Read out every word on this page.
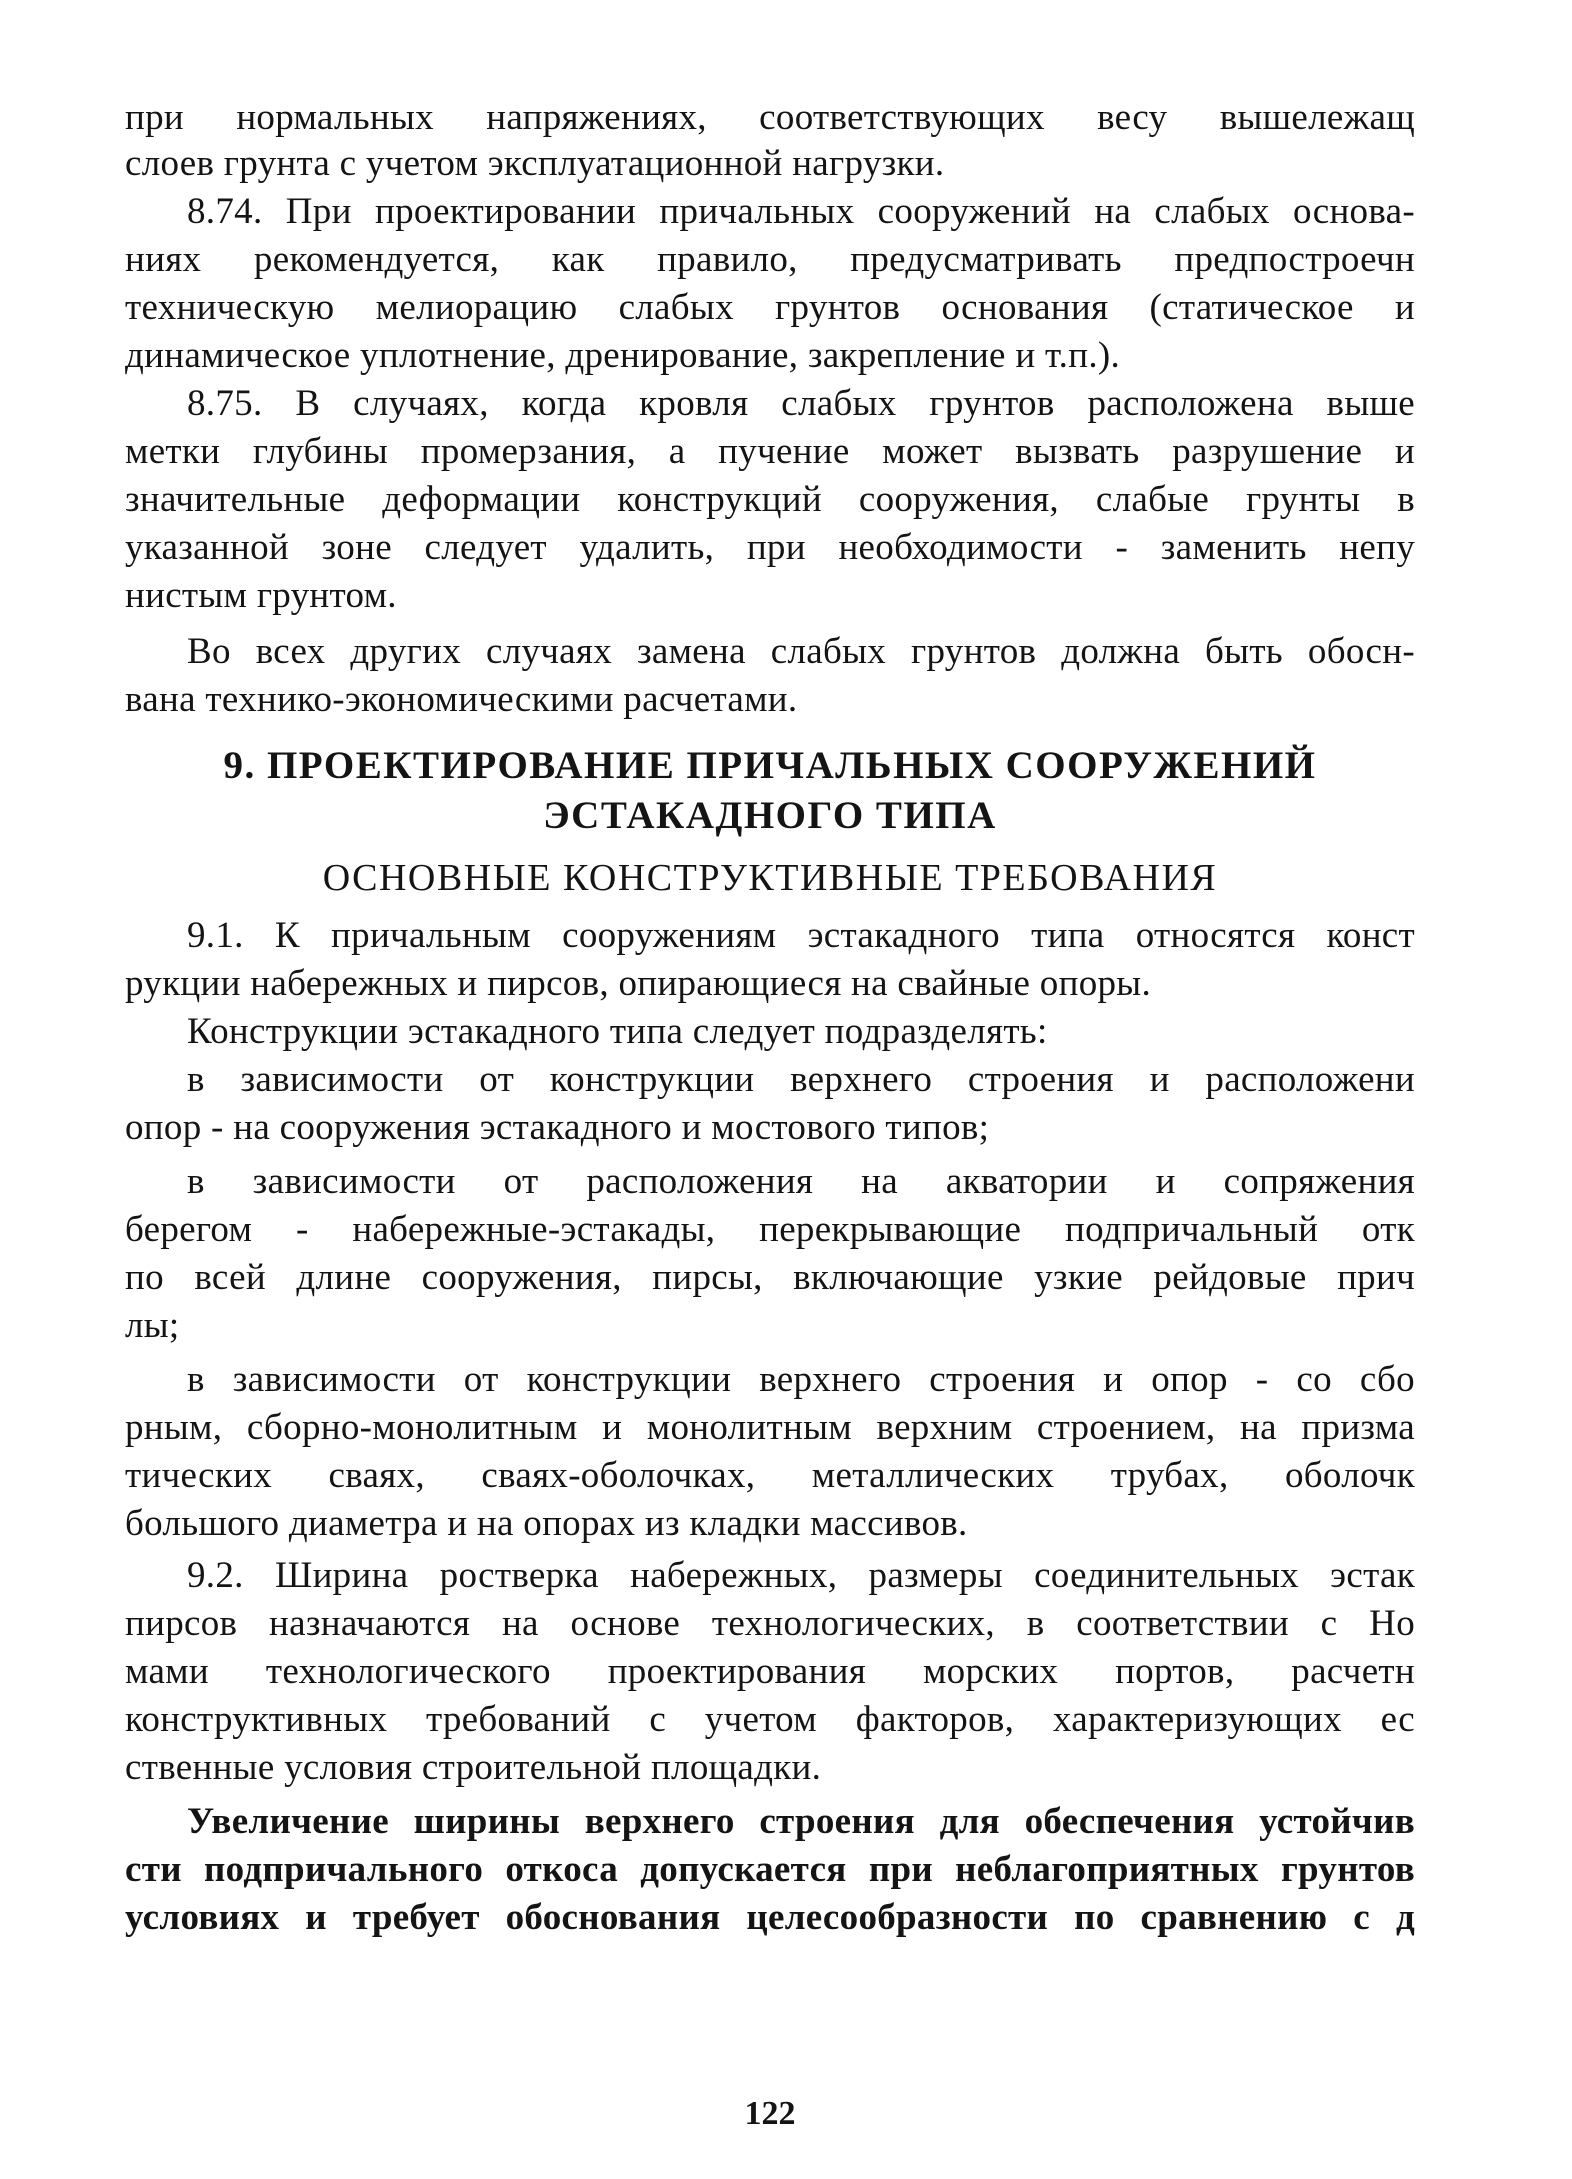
при нормальных напряжениях, соответствующих весу вышележащ
слоев грунта с учетом эксплуатационной нагрузки.
8.74. При проектировании причальных сооружений на слабых основа-
ниях рекомендуется, как правило, предусматривать предпостроечн
техническую мелиорацию слабых грунтов основания (статическое и
динамическое уплотнение, дренирование, закрепление и т.п.).
8.75. В случаях, когда кровля слабых грунтов расположена выше
метки глубины промерзания, а пучение может вызвать разрушение и
значительные деформации конструкций сооружения, слабые грунты в
указанной зоне следует удалить, при необходимости - заменить непу
нистым грунтом.
Во всех других случаях замена слабых грунтов должна быть обосн-
вана технико-экономическими расчетами.
9. ПРОЕКТИРОВАНИЕ ПРИЧАЛЬНЫХ СООРУЖЕНИЙ
ЭСТАКАДНОГО ТИПА
ОСНОВНЫЕ КОНСТРУКТИВНЫЕ ТРЕБОВАНИЯ
9.1. К причальным сооружениям эстакадного типа относятся конст
рукции набережных и пирсов, опирающиеся на свайные опоры.
Конструкции эстакадного типа следует подразделять:
в зависимости от конструкции верхнего строения и расположени
опор - на сооружения эстакадного и мостового типов;
в зависимости от расположения на акватории и сопряжения
берегом - набережные-эстакады, перекрывающие подпричальный отк
по всей длине сооружения, пирсы, включающие узкие рейдовые прич
лы;
в зависимости от конструкции верхнего строения и опор - со сбо
рным, сборно-монолитным и монолитным верхним строением, на призма
тических сваях, сваях-оболочках, металлических трубах, оболочк
большого диаметра и на опорах из кладки массивов.
9.2. Ширина ростверка набережных, размеры соединительных эстак
пирсов назначаются на основе технологических, в соответствии с Но
мами технологического проектирования морских портов, расчетн
конструктивных требований с учетом факторов, характеризующих ес
ственные условия строительной площадки.
Увеличение ширины верхнего строения для обеспечения устойчив
сти подпричального откоса допускается при неблагоприятных грунтов
условиях и требует обоснования целесообразности по сравнению с д
122
